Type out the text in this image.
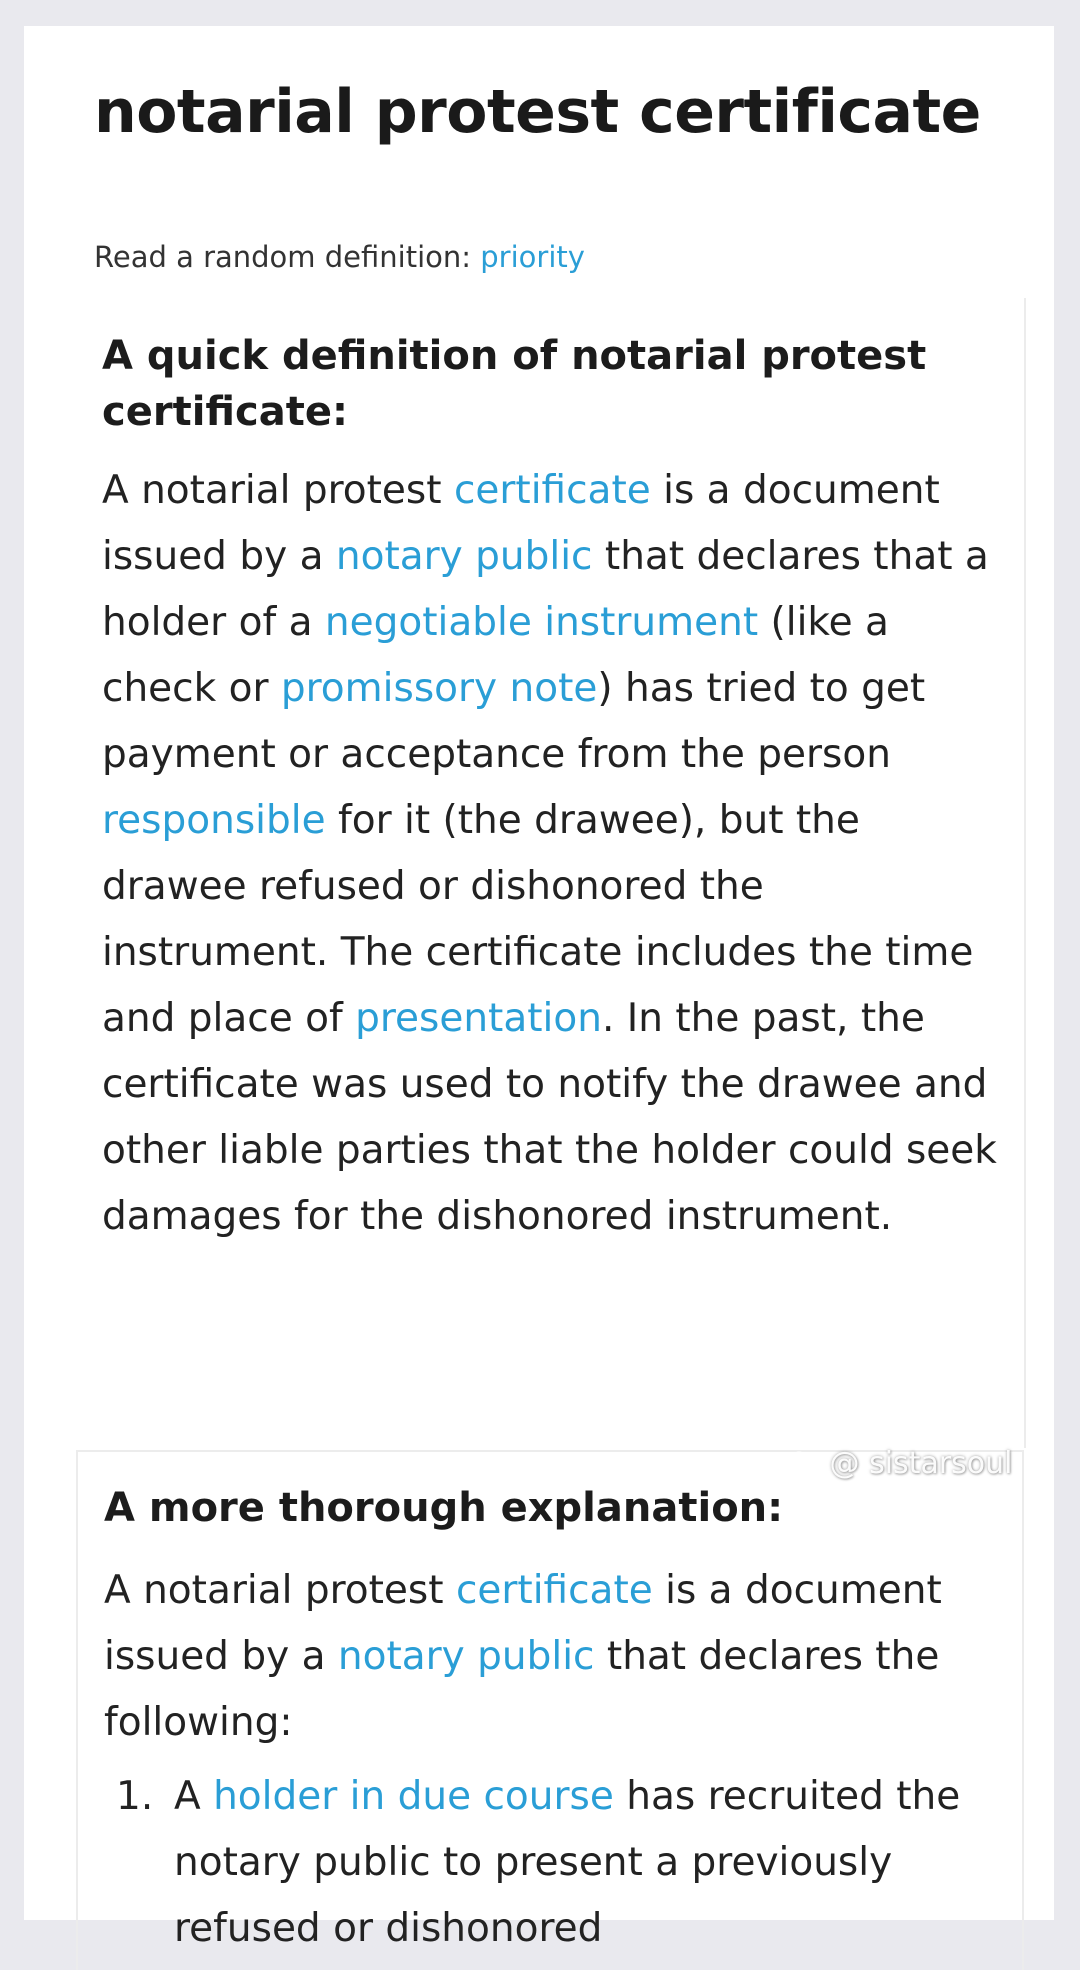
notarial protest certificate
Read a random definition: priority
A quick definition of notarial protest certificate:

A notarial protest certificate is a document issued by a notary public that declares that a holder of a negotiable instrument (like a check or promissory note) has tried to get payment or acceptance from the person responsible for it (the drawee), but the drawee refused or dishonored the instrument. The certificate includes the time and place of presentation. In the past, the certificate was used to notify the drawee and other liable parties that the holder could seek damages for the dishonored instrument.

A more thorough explanation:

A notarial protest certificate is a document issued by a notary public that declares the following:

1. A holder in due course has recruited the notary public to present a previously refused or dishonored
@ sistarsoul
